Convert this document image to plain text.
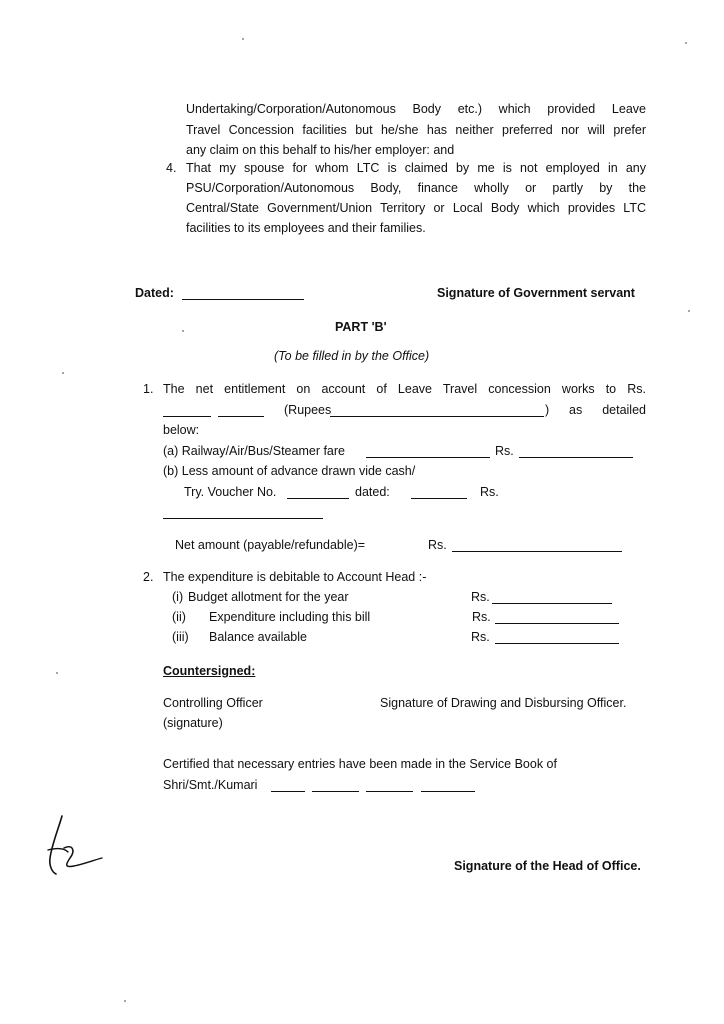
Undertaking/Corporation/Autonomous Body etc.) which provided Leave
Travel Concession facilities but he/she has neither preferred nor will prefer
any claim on this behalf to his/her employer: and
4. That my spouse for whom LTC is claimed by me is not employed in any
PSU/Corporation/Autonomous Body, finance wholly or partly by the
Central/State Government/Union Territory or Local Body which provides LTC
facilities to its employees and their families.
Dated:	Signature of Government servant
PART 'B'
(To be filled in by the Office)
1. The net entitlement on account of Leave Travel concession works to Rs.
(Rupees	) as detailed
below:
(a) Railway/Air/Bus/Steamer fare	Rs.
(b) Less amount of advance drawn vide cash/
Try. Voucher No.	dated:	Rs.
Net amount (payable/refundable)=	Rs.
2. The expenditure is debitable to Account Head :-
(i) Budget allotment for the year	Rs.
(ii) Expenditure including this bill	Rs.
(iii) Balance available	Rs.
Countersigned:
Controlling Officer
(signature)
Signature of Drawing and Disbursing Officer.
Certified that necessary entries have been made in the Service Book of
Shri/Smt./Kumari
Signature of the Head of Office.
